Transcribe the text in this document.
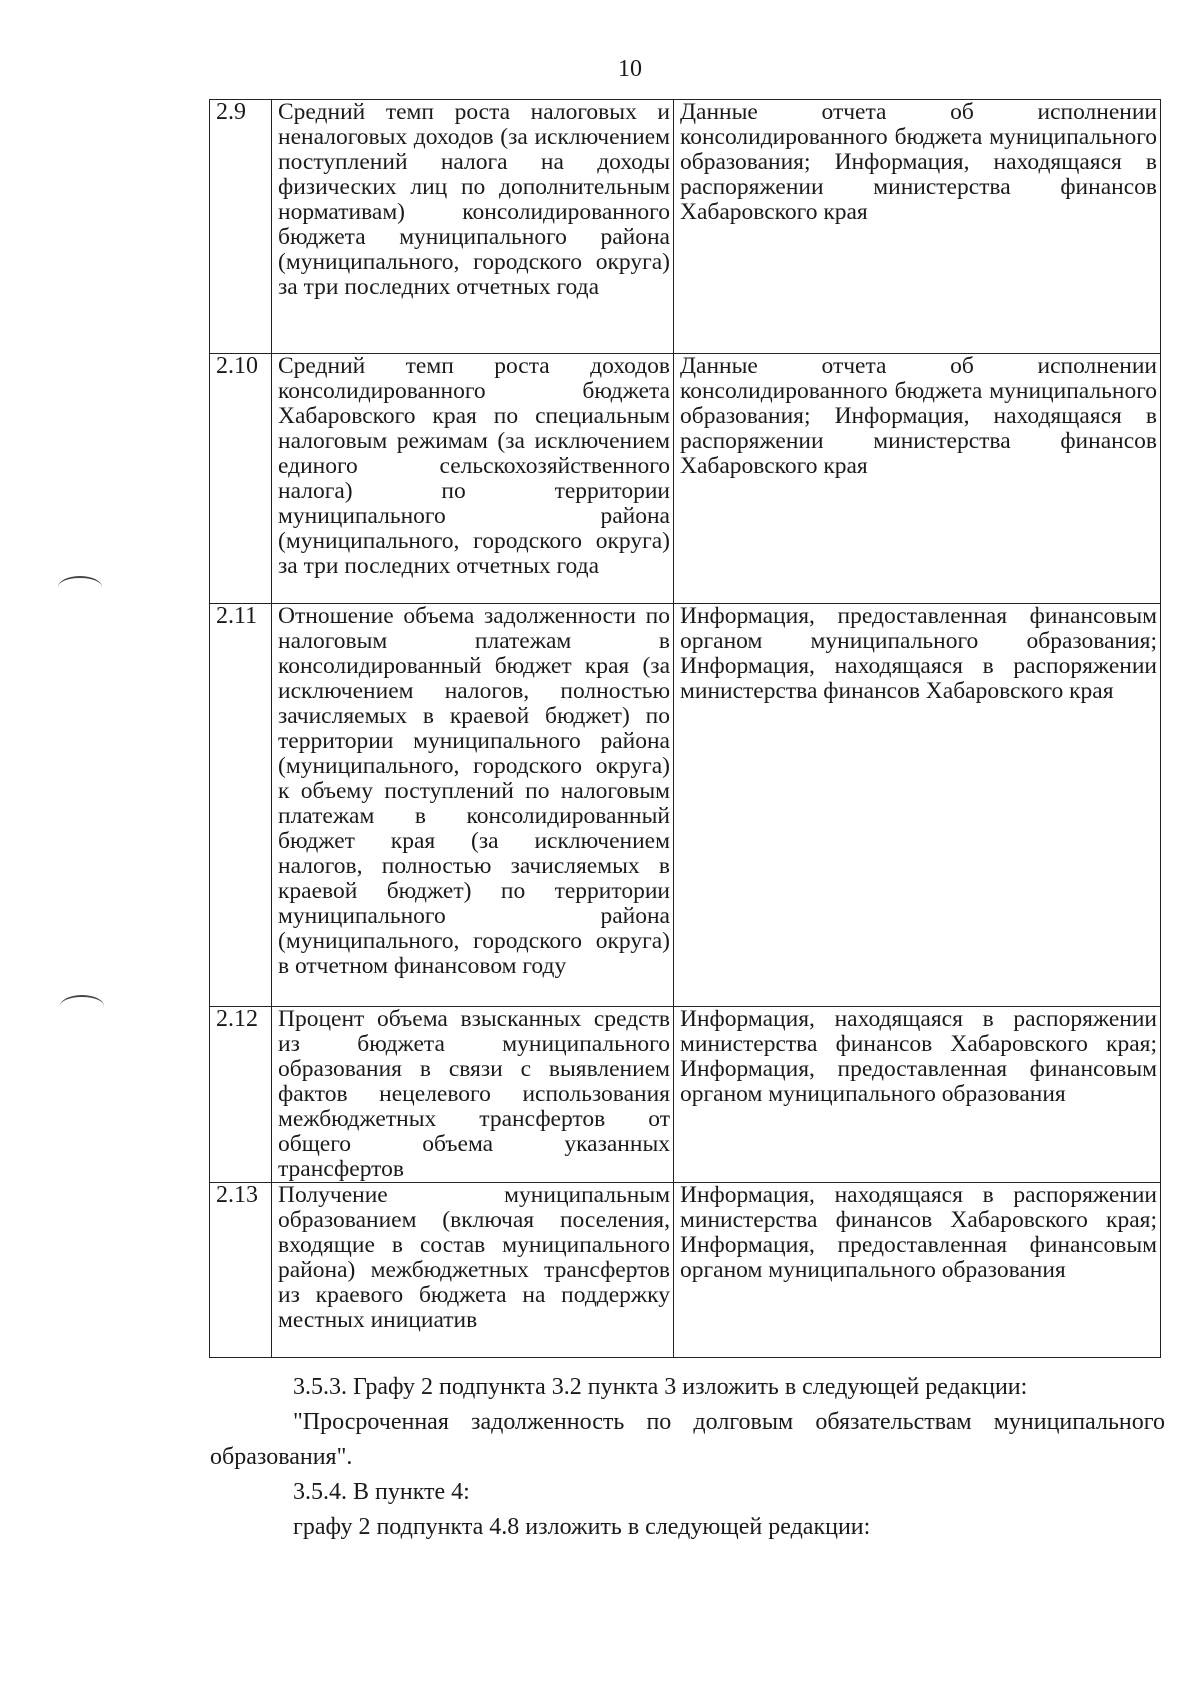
10
2.9	Средний темп роста налоговых и неналоговых доходов (за исключением поступлений налога на доходы физических лиц по дополнительным нормативам) консолидированного бюджета муниципального района (муниципального, городского округа) за три последних отчетных года	Данные отчета об исполнении консолидированного бюджета муниципального образования; Информация, находящаяся в распоряжении министерства финансов Хабаровского края
2.10	Средний темп роста доходов консолидированного бюджета Хабаровского края по специальным налоговым режимам (за исключением единого сельскохозяйственного налога) по территории муниципального района (муниципального, городского округа) за три последних отчетных года	Данные отчета об исполнении консолидированного бюджета муниципального образования; Информация, находящаяся в распоряжении министерства финансов Хабаровского края
2.11	Отношение объема задолженности по налоговым платежам в консолидированный бюджет края (за исключением налогов, полностью зачисляемых в краевой бюджет) по территории муниципального района (муниципального, городского округа) к объему поступлений по налоговым платежам в консолидированный бюджет края (за исключением налогов, полностью зачисляемых в краевой бюджет) по территории муниципального района (муниципального, городского округа) в отчетном финансовом году	Информация, предоставленная финансовым органом муниципального образования; Информация, находящаяся в распоряжении министерства финансов Хабаровского края
2.12	Процент объема взысканных средств из бюджета муниципального образования в связи с выявлением фактов нецелевого использования межбюджетных трансфертов от общего объема указанных трансфертов	Информация, находящаяся в распоряжении министерства финансов Хабаровского края; Информация, предоставленная финансовым органом муниципального образования
2.13	Получение муниципальным образованием (включая поселения, входящие в состав муниципального района) межбюджетных трансфертов из краевого бюджета на поддержку местных инициатив	Информация, находящаяся в распоряжении министерства финансов Хабаровского края; Информация, предоставленная финансовым органом муниципального образования

3.5.3. Графу 2 подпункта 3.2 пункта 3 изложить в следующей редакции:

"Просроченная задолженность по долговым обязательствам муниципального образования".

3.5.4. В пункте 4:

графу 2 подпункта 4.8 изложить в следующей редакции:
